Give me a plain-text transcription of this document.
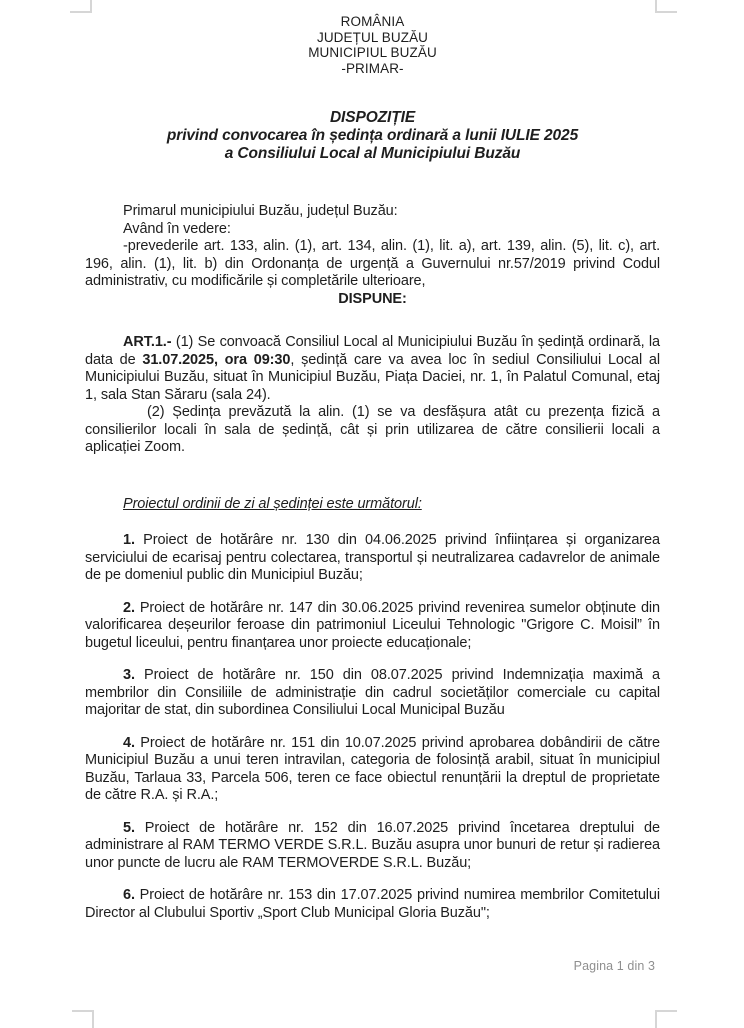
ROMÂNIA
JUDEȚUL BUZĂU
MUNICIPIUL BUZĂU
-PRIMAR-
DISPOZIȚIE
privind convocarea în ședința ordinară a lunii IULIE 2025
a Consiliului Local al Municipiului Buzău

Primarul municipiului Buzău, județul Buzău:

Având în vedere:

-prevederile art. 133, alin. (1), art. 134, alin. (1), lit. a), art. 139, alin. (5), lit. c), art. 196, alin. (1), lit. b) din Ordonanța de urgență a Guvernului nr.57/2019 privind Codul administrativ, cu modificările și completările ulterioare,

DISPUNE:

ART.1.- (1) Se convoacă Consiliul Local al Municipiului Buzău în ședință ordinară, la data de 31.07.2025, ora 09:30, ședință care va avea loc în sediul Consiliului Local al Municipiului Buzău, situat în Municipiul Buzău, Piața Daciei, nr. 1, în Palatul Comunal, etaj 1, sala Stan Săraru (sala 24).

(2) Ședința prevăzută la alin. (1) se va desfășura atât cu prezența fizică a consilierilor locali în sala de ședință, cât și prin utilizarea de către consilierii locali a aplicației Zoom.

Proiectul ordinii de zi al ședinței este următorul:

1. Proiect de hotărâre nr. 130 din 04.06.2025 privind înființarea și organizarea serviciului de ecarisaj pentru colectarea, transportul și neutralizarea cadavrelor de animale de pe domeniul public din Municipiul Buzău;

2. Proiect de hotărâre nr. 147 din 30.06.2025 privind revenirea sumelor obținute din valorificarea deșeurilor feroase din patrimoniul Liceului Tehnologic "Grigore C. Moisil” în bugetul liceului, pentru finanțarea unor proiecte educaționale;

3. Proiect de hotărâre nr. 150 din 08.07.2025 privind Indemnizația maximă a membrilor din Consiliile de administrație din cadrul societăților comerciale cu capital majoritar de stat, din subordinea Consiliului Local Municipal Buzău

4. Proiect de hotărâre nr. 151 din 10.07.2025 privind aprobarea dobândirii de către Municipiul Buzău a unui teren intravilan, categoria de folosință arabil, situat în municipiul Buzău, Tarlaua 33, Parcela 506, teren ce face obiectul renunțării la dreptul de proprietate de către R.A. și R.A.;

5. Proiect de hotărâre nr. 152 din 16.07.2025 privind încetarea dreptului de administrare al RAM TERMO VERDE S.R.L. Buzău asupra unor bunuri de retur și radierea unor puncte de lucru ale RAM TERMOVERDE S.R.L. Buzău;

6. Proiect de hotărâre nr. 153 din 17.07.2025 privind numirea membrilor Comitetului Director al Clubului Sportiv „Sport Club Municipal Gloria Buzău";

Pagina 1 din 3
